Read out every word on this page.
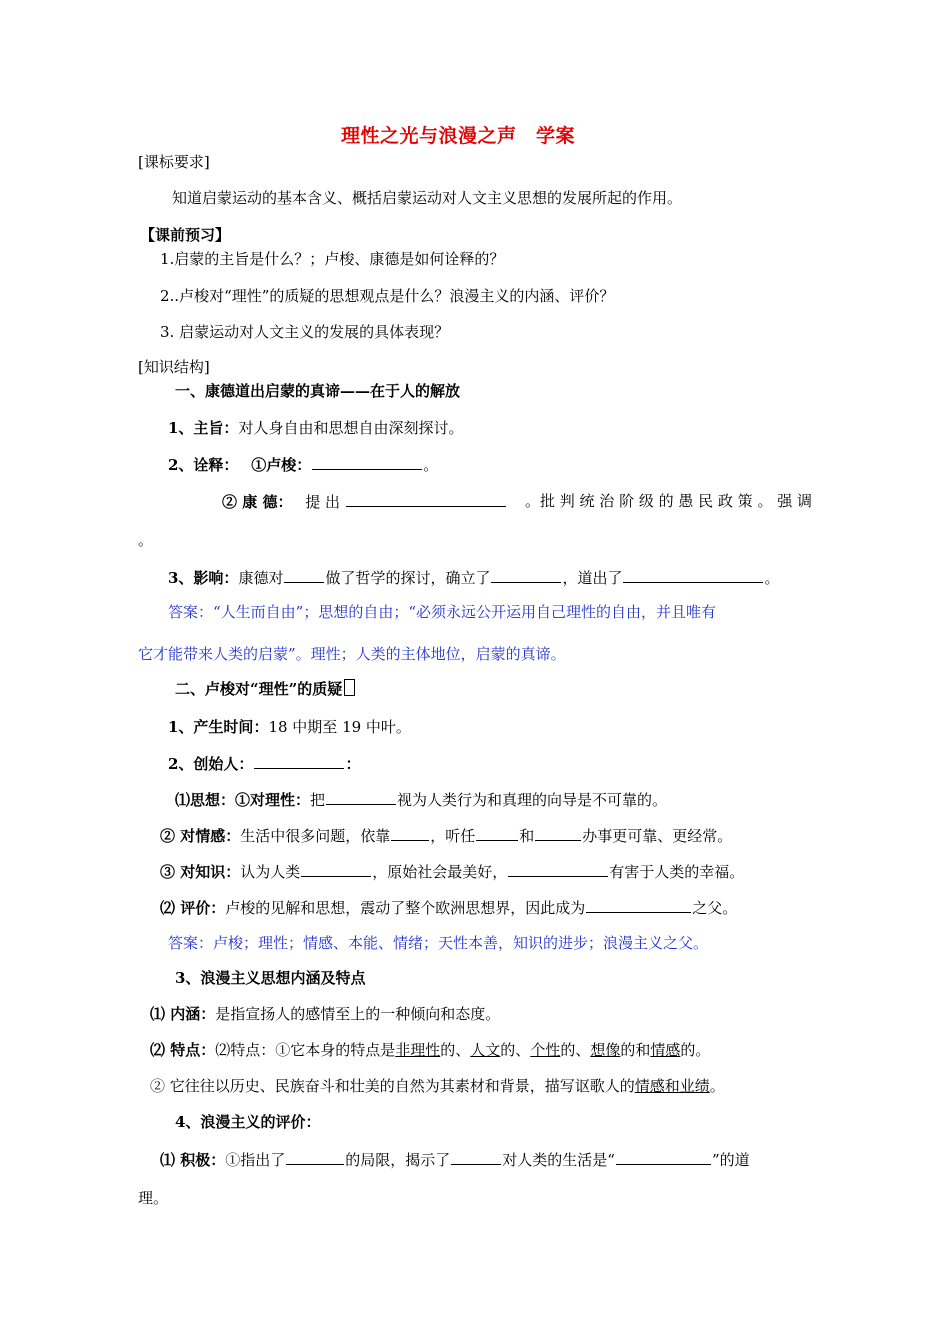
理性之光与浪漫之声　学案
[课标要求]
知道启蒙运动的基本含义、概括启蒙运动对人文主义思想的发展所起的作用。
【课前预习】
1.启蒙的主旨是什么？；卢梭、康德是如何诠释的？
2..卢梭对“理性”的质疑的思想观点是什么？浪漫主义的内涵、评价？
3. 启蒙运动对人文主义的发展的具体表现？
[知识结构]
一、康德道出启蒙的真谛——在于人的解放
1、主旨：对人身自由和思想自由深刻探讨。
2、诠释： ①卢梭：	。
② 康 德： 提 出	。批 判 统 治 阶 级 的 愚 民 政 策 。 强 调
。
3、影响：康德对	做了哲学的探讨，确立了	，道出了	。
答案：“人生而自由”；思想的自由；“必须永远公开运用自己理性的自由，并且唯有
它才能带来人类的启蒙”。理性；人类的主体地位，启蒙的真谛。
二、卢梭对“理性”的质疑
1、产生时间：18 中期至 19 中叶。
2、创始人：	：
⑴思想：①对理性：把	视为人类行为和真理的向导是不可靠的。
② 对情感：生活中很多问题，依靠	，听任	和	办事更可靠、更经常。
③ 对知识：认为人类	，原始社会最美好，	有害于人类的幸福。
⑵ 评价：卢梭的见解和思想，震动了整个欧洲思想界，因此成为	之父。
答案：卢梭；理性；情感、本能、情绪；天性本善，知识的进步；浪漫主义之父。
3、浪漫主义思想内涵及特点
⑴ 内涵：是指宣扬人的感情至上的一种倾向和态度。
⑵ 特点：⑵特点：①它本身的特点是非理性的、人文的、个性的、想像的和情感的。
② 它往往以历史、民族奋斗和壮美的自然为其素材和背景，描写讴歌人的情感和业绩。
4、浪漫主义的评价：
⑴ 积极：①指出了	的局限，揭示了	对人类的生活是“	”的道
理。
